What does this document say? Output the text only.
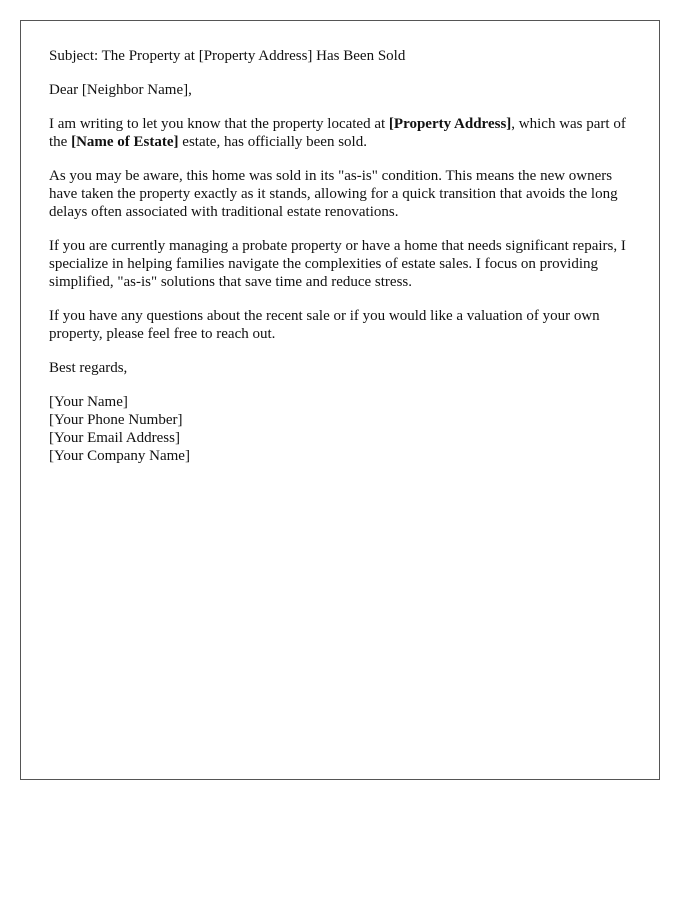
Subject: The Property at [Property Address] Has Been Sold

Dear [Neighbor Name],

I am writing to let you know that the property located at [Property Address], which was part of the [Name of Estate] estate, has officially been sold.

As you may be aware, this home was sold in its "as-is" condition. This means the new owners have taken the property exactly as it stands, allowing for a quick transition that avoids the long delays often associated with traditional estate renovations.

If you are currently managing a probate property or have a home that needs significant repairs, I specialize in helping families navigate the complexities of estate sales. I focus on providing simplified, "as-is" solutions that save time and reduce stress.

If you have any questions about the recent sale or if you would like a valuation of your own property, please feel free to reach out.

Best regards,

[Your Name]

[Your Phone Number]

[Your Email Address]

[Your Company Name]
